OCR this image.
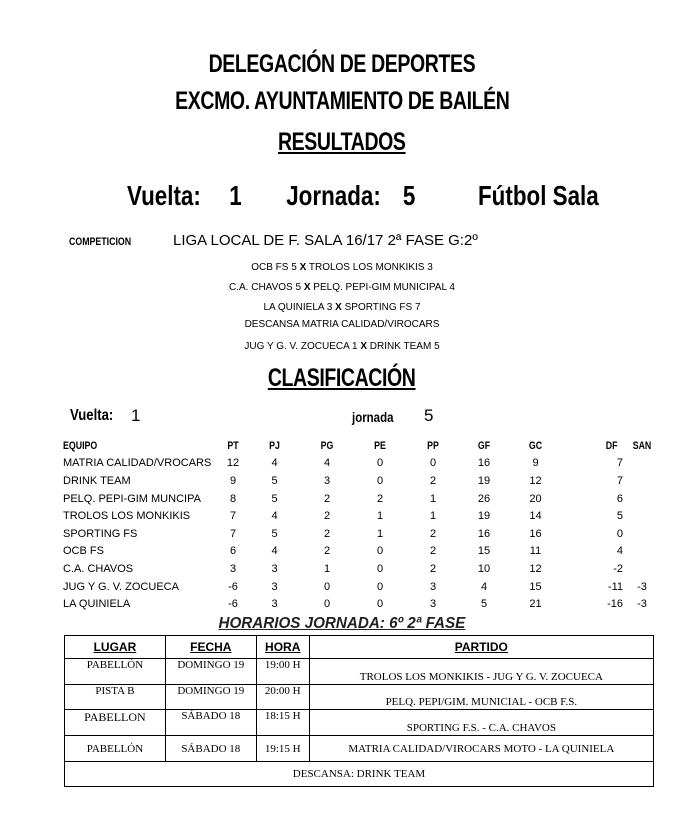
DELEGACIÓN DE DEPORTES
EXCMO. AYUNTAMIENTO DE BAILÉN
RESULTADOS
Vuelta: 1 Jornada: 5	Fútbol Sala
COMPETICION	LIGA LOCAL DE F. SALA 16/17 2ª FASE G:2º
OCB FS 5 X TROLOS LOS MONKIKIS 3
C.A. CHAVOS 5 X PELQ. PEPI-GIM MUNICIPAL 4
LA QUINIELA 3 X SPORTING FS 7
DESCANSA MATRIA CALIDAD/VIROCARS
JUG Y G. V. ZOCUECA 1 X DRINK TEAM 5
CLASIFICACIÓN
Vuelta:	1	jornada	5
EQUIPO	PT	PJ	PG	PE	PP	GF	GC	DF	SAN
MATRIA CALIDAD/VROCARS	12	4	4	0	0	16	9	7	
DRINK TEAM	9	5	3	0	2	19	12	7	
PELQ. PEPI-GIM MUNCIPA	8	5	2	2	1	26	20	6	
TROLOS LOS MONKIKIS	7	4	2	1	1	19	14	5	
SPORTING FS	7	5	2	1	2	16	16	0	
OCB FS	6	4	2	0	2	15	11	4	
C.A. CHAVOS	3	3	1	0	2	10	12	-2	
JUG Y G. V. ZOCUECA	-6	3	0	0	3	4	15	-11	-3
LA QUINIELA	-6	3	0	0	3	5	21	-16	-3
HORARIOS JORNADA: 6º 2ª FASE
LUGAR	FECHA	HORA	PARTIDO
PABELLÓN	DOMINGO 19	19:00 H	TROLOS LOS MONKIKIS - JUG Y G. V. ZOCUECA
PISTA B	DOMINGO 19	20:00 H	PELQ. PEPI/GIM. MUNICIAL - OCB F.S.
PABELLON	SÁBADO 18	18:15 H	SPORTING F.S. - C.A. CHAVOS
PABELLÓN	SÁBADO 18	19:15 H	MATRIA CALIDAD/VIROCARS MOTO - LA QUINIELA
DESCANSA: DRINK TEAM			
